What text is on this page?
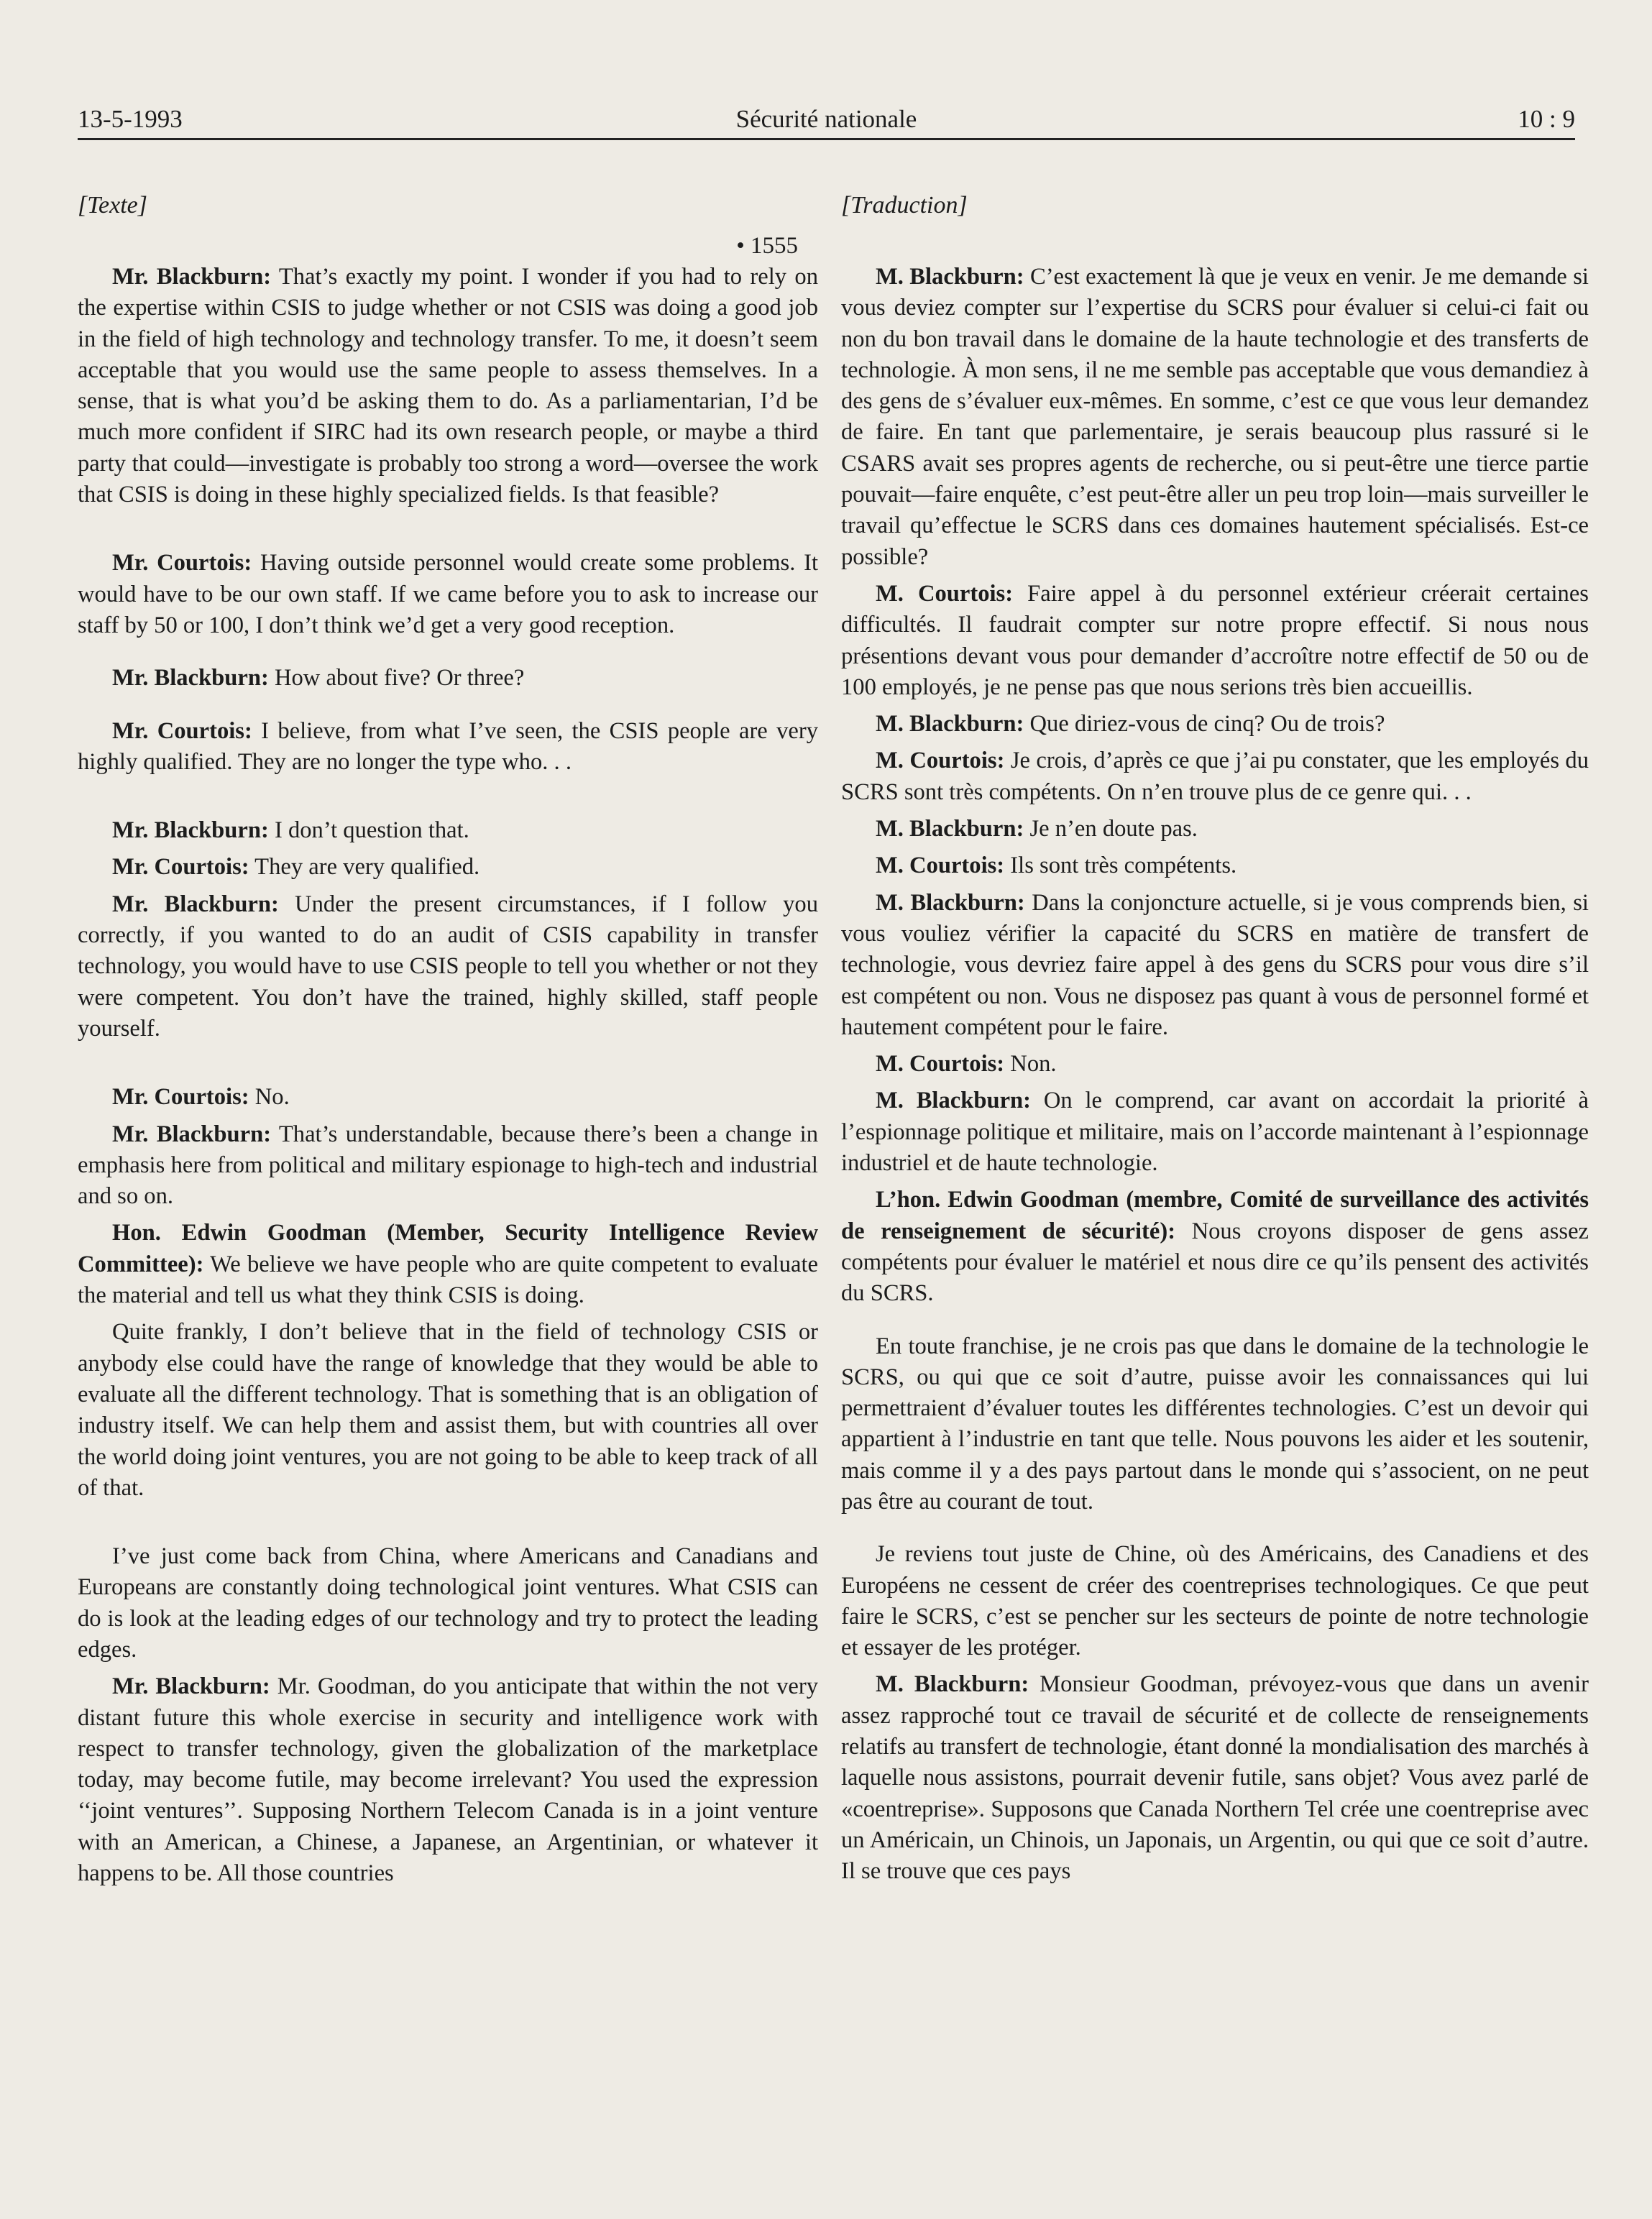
13-5-1993	Sécurité nationale	10 : 9
[Texte]
• 1555

Mr. Blackburn: That’s exactly my point. I wonder if you had to rely on the expertise within CSIS to judge whether or not CSIS was doing a good job in the field of high technology and technology transfer. To me, it doesn’t seem acceptable that you would use the same people to assess themselves. In a sense, that is what you’d be asking them to do. As a parliamentarian, I’d be much more confident if SIRC had its own research people, or maybe a third party that could—investigate is probably too strong a word—oversee the work that CSIS is doing in these highly specialized fields. Is that feasible?

Mr. Courtois: Having outside personnel would create some problems. It would have to be our own staff. If we came before you to ask to increase our staff by 50 or 100, I don’t think we’d get a very good reception.

Mr. Blackburn: How about five? Or three?

Mr. Courtois: I believe, from what I’ve seen, the CSIS people are very highly qualified. They are no longer the type who. . .

Mr. Blackburn: I don’t question that.

Mr. Courtois: They are very qualified.

Mr. Blackburn: Under the present circumstances, if I follow you correctly, if you wanted to do an audit of CSIS capability in transfer technology, you would have to use CSIS people to tell you whether or not they were competent. You don’t have the trained, highly skilled, staff people yourself.

Mr. Courtois: No.

Mr. Blackburn: That’s understandable, because there’s been a change in emphasis here from political and military espionage to high-tech and industrial and so on.

Hon. Edwin Goodman (Member, Security Intelligence Review Committee): We believe we have people who are quite competent to evaluate the material and tell us what they think CSIS is doing.

Quite frankly, I don’t believe that in the field of technology CSIS or anybody else could have the range of knowledge that they would be able to evaluate all the different technology. That is something that is an obligation of industry itself. We can help them and assist them, but with countries all over the world doing joint ventures, you are not going to be able to keep track of all of that.

I’ve just come back from China, where Americans and Canadians and Europeans are constantly doing technological joint ventures. What CSIS can do is look at the leading edges of our technology and try to protect the leading edges.

Mr. Blackburn: Mr. Goodman, do you anticipate that within the not very distant future this whole exercise in security and intelligence work with respect to transfer technology, given the globalization of the marketplace today, may become futile, may become irrelevant? You used the expression ‘‘joint ventures’’. Supposing Northern Telecom Canada is in a joint venture with an American, a Chinese, a Japanese, an Argentinian, or whatever it happens to be. All those countries

[Traduction]

M. Blackburn: C’est exactement là que je veux en venir. Je me demande si vous deviez compter sur l’expertise du SCRS pour évaluer si celui-ci fait ou non du bon travail dans le domaine de la haute technologie et des transferts de technologie. À mon sens, il ne me semble pas acceptable que vous demandiez à des gens de s’évaluer eux-mêmes. En somme, c’est ce que vous leur demandez de faire. En tant que parlementaire, je serais beaucoup plus rassuré si le CSARS avait ses propres agents de recherche, ou si peut-être une tierce partie pouvait—faire enquête, c’est peut-être aller un peu trop loin—mais surveiller le travail qu’effectue le SCRS dans ces domaines hautement spécialisés. Est-ce possible?

M. Courtois: Faire appel à du personnel extérieur créerait certaines difficultés. Il faudrait compter sur notre propre effectif. Si nous nous présentions devant vous pour demander d’accroître notre effectif de 50 ou de 100 employés, je ne pense pas que nous serions très bien accueillis.

M. Blackburn: Que diriez-vous de cinq? Ou de trois?

M. Courtois: Je crois, d’après ce que j’ai pu constater, que les employés du SCRS sont très compétents. On n’en trouve plus de ce genre qui. . .

M. Blackburn: Je n’en doute pas.

M. Courtois: Ils sont très compétents.

M. Blackburn: Dans la conjoncture actuelle, si je vous comprends bien, si vous vouliez vérifier la capacité du SCRS en matière de transfert de technologie, vous devriez faire appel à des gens du SCRS pour vous dire s’il est compétent ou non. Vous ne disposez pas quant à vous de personnel formé et hautement compétent pour le faire.

M. Courtois: Non.

M. Blackburn: On le comprend, car avant on accordait la priorité à l’espionnage politique et militaire, mais on l’accorde maintenant à l’espionnage industriel et de haute technologie.

L’hon. Edwin Goodman (membre, Comité de surveillance des activités de renseignement de sécurité): Nous croyons disposer de gens assez compétents pour évaluer le matériel et nous dire ce qu’ils pensent des activités du SCRS.

En toute franchise, je ne crois pas que dans le domaine de la technologie le SCRS, ou qui que ce soit d’autre, puisse avoir les connaissances qui lui permettraient d’évaluer toutes les différentes technologies. C’est un devoir qui appartient à l’industrie en tant que telle. Nous pouvons les aider et les soutenir, mais comme il y a des pays partout dans le monde qui s’associent, on ne peut pas être au courant de tout.

Je reviens tout juste de Chine, où des Américains, des Canadiens et des Européens ne cessent de créer des coentreprises technologiques. Ce que peut faire le SCRS, c’est se pencher sur les secteurs de pointe de notre technologie et essayer de les protéger.

M. Blackburn: Monsieur Goodman, prévoyez-vous que dans un avenir assez rapproché tout ce travail de sécurité et de collecte de renseignements relatifs au transfert de technologie, étant donné la mondialisation des marchés à laquelle nous assistons, pourrait devenir futile, sans objet? Vous avez parlé de «coentreprise». Supposons que Canada Northern Tel crée une coentreprise avec un Américain, un Chinois, un Japonais, un Argentin, ou qui que ce soit d’autre. Il se trouve que ces pays
